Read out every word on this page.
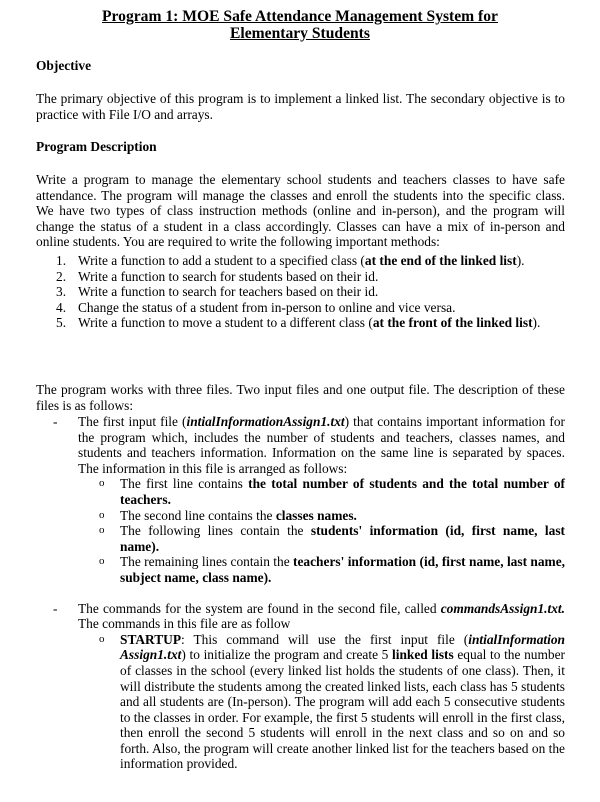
Program 1: MOE Safe Attendance Management System for
Elementary Students
Objective
The primary objective of this program is to implement a linked list. The secondary objective is to practice with File I/O and arrays.
Program Description
Write a program to manage the elementary school students and teachers classes to have safe attendance. The program will manage the classes and enroll the students into the specific class. We have two types of class instruction methods (online and in-person), and the program will change the status of a student in a class accordingly. Classes can have a mix of in-person and online students. You are required to write the following important methods:
1. Write a function to add a student to a specified class (at the end of the linked list).
2. Write a function to search for students based on their id.
3. Write a function to search for teachers based on their id.
4. Change the status of a student from in-person to online and vice versa.
5. Write a function to move a student to a different class (at the front of the linked list).
The program works with three files. Two input files and one output file. The description of these files is as follows:
- The first input file (intialInformationAssign1.txt) that contains important information for the program which, includes the number of students and teachers, classes names, and students and teachers information. Information on the same line is separated by spaces. The information in this file is arranged as follows:
o The first line contains the total number of students and the total number of teachers.
o The second line contains the classes names.
o The following lines contain the students' information (id, first name, last name).
o The remaining lines contain the teachers' information (id, first name, last name, subject name, class name).
- The commands for the system are found in the second file, called commandsAssign1.txt. The commands in this file are as follow
o STARTUP: This command will use the first input file (intialInformation Assign1.txt) to initialize the program and create 5 linked lists equal to the number of classes in the school (every linked list holds the students of one class). Then, it will distribute the students among the created linked lists, each class has 5 students and all students are (In-person). The program will add each 5 consecutive students to the classes in order. For example, the first 5 students will enroll in the first class, then enroll the second 5 students will enroll in the next class and so on and so forth. Also, the program will create another linked list for the teachers based on the information provided.
